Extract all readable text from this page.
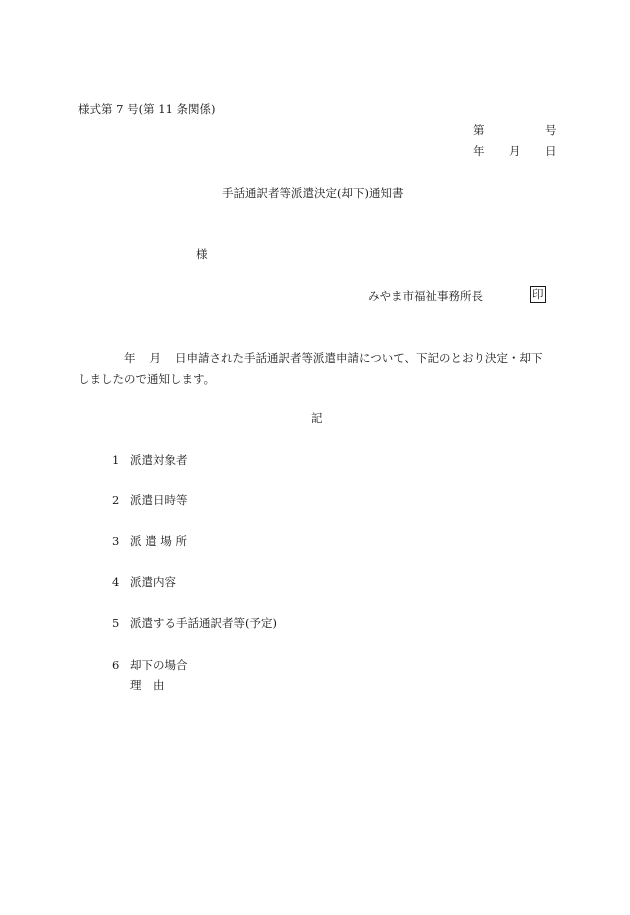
様式第 7 号(第 11 条関係)
第	号
年 月 日
手話通訳者等派遣決定(却下)通知書
様
みやま市福祉事務所長	印
年 月 日申請された手話通訳者等派遣申請について、下記のとおり決定・却下
しましたので通知します。
記
1 派遣対象者
2 派遣日時等
3 派 遣 場 所
4 派遣内容
5 派遣する手話通訳者等(予定)
6 却下の場合
理　由
